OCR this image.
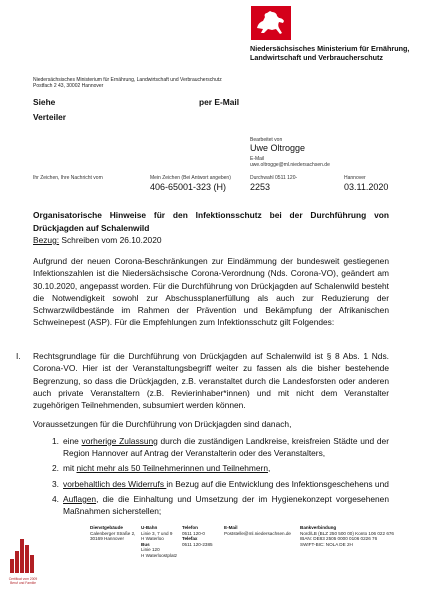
Niedersächsisches Ministerium für Ernährung,
Landwirtschaft und Verbraucherschutz
Niedersächsisches Ministerium für Ernährung, Landwirtschaft und Verbraucherschutz
Postfach 2 43, 30002 Hannover
Siehe	per E-Mail
Verteiler
Bearbeitet von
Uwe Oltrogge
E-Mail
uwe.oltrogge@ml.niedersachsen.de
Ihr Zeichen, Ihre Nachricht vom	Mein Zeichen (Bei Antwort angeben)
406-65001-323 (H)
Durchwahl 0511 120-
2253
Hannover
03.11.2020
Organisatorische Hinweise für den Infektionsschutz bei der Durchführung von Drückjagden auf Schalenwild
Bezug: Schreiben vom 26.10.2020

Aufgrund der neuen Corona-Beschränkungen zur Eindämmung der bundesweit gestiegenen Infektionszahlen ist die Niedersächsische Corona-Verordnung (Nds. Corona-VO), geändert am 30.10.2020, angepasst worden. Für die Durchführung von Drückjagden auf Schalenwild besteht die Notwendigkeit sowohl zur Abschussplanerfüllung als auch zur Reduzierung der Schwarzwildbestände im Rahmen der Prävention und Bekämpfung der Afrikanischen Schweinepest (ASP). Für die Empfehlungen zum Infektionsschutz gilt Folgendes:

I. Rechtsgrundlage für die Durchführung von Drückjagden auf Schalenwild ist § 8 Abs. 1 Nds. Corona-VO. Hier ist der Veranstaltungsbegriff weiter zu fassen als die bisher bestehende Begrenzung, so dass die Drückjagden, z.B. veranstaltet durch die Landesforsten oder anderen auch private Veranstaltern (z.B. Revierinhaber*innen) und mit nicht dem Veranstalter zugehörigen Teilnehmenden, subsumiert werden können.

Voraussetzungen für die Durchführung von Drückjagden sind danach,

1. eine vorherige Zulassung durch die zuständigen Landkreise, kreisfreien Städte und der Region Hannover auf Antrag der Veranstalterin oder des Veranstalters,
2. mit nicht mehr als 50 Teilnehmerinnen und Teilnehmern,
3. vorbehaltlich des Widerrufs in Bezug auf die Entwicklung des Infektionsgeschehens und
4. Auflagen, die die Einhaltung und Umsetzung der im Hygienekonzept vorgesehenen Maßnahmen sicherstellen;
Certificat vom 2009 Beruf und Familie
Dienstgebäude
Calenberger Straße 2,
30169 Hannover
U-Bahn
Linie 3, 7 und 9
H Waterloo
Bus
Linie 120
H Waterloostplatz
Telefon
0511 120-0
Telefax
0511 120-2385
E-Mail
Poststelle@ml.niedersachsen.de
Bankverbindung
Nord/LB (BLZ 250 500 00) Konto 106 022 676
IBAN: DE83 2505 0000 0106 0226 76
SWIFT-BIC: NOLA DE 2H
